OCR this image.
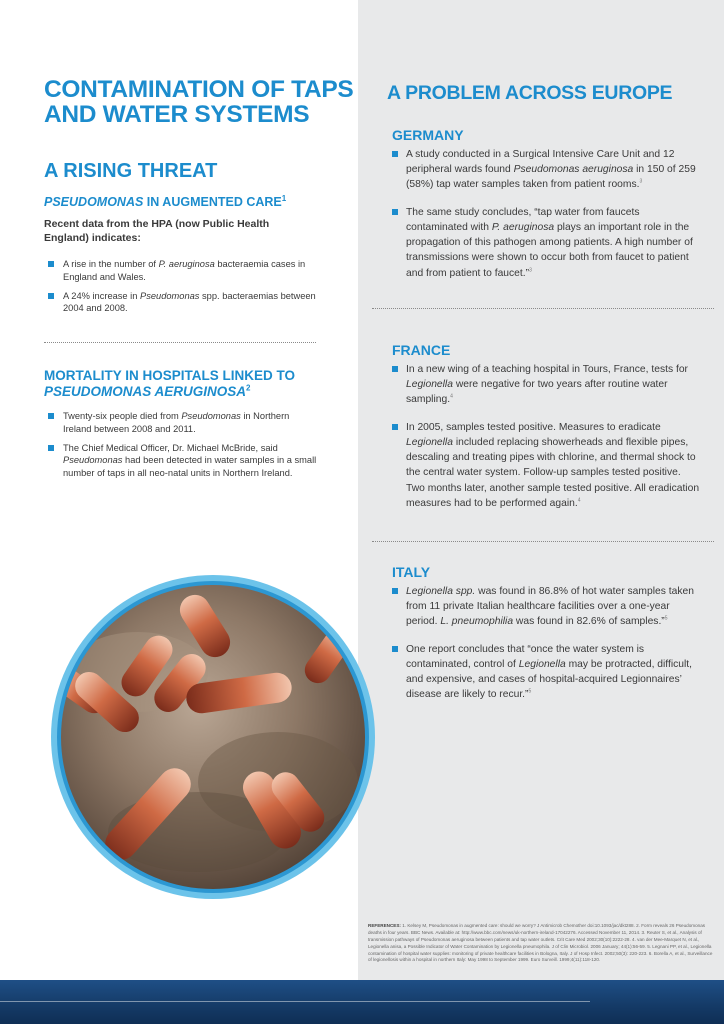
CONTAMINATION OF TAPS
AND WATER SYSTEMS
A RISING THREAT
PSEUDOMONAS IN AUGMENTED CARE$^1$

Recent data from the HPA (now Public Health England) indicates:

A rise in the number of P. aeruginosa bacteraemia cases in England and Wales.
A 24% increase in Pseudomonas spp. bacteraemias between 2004 and 2008.
MORTALITY IN HOSPITALS LINKED TO
PSEUDOMONAS AERUGINOSA$^2$
Twenty-six people died from Pseudomonas in Northern Ireland between 2008 and 2011.
The Chief Medical Officer, Dr. Michael McBride, said Pseudomonas had been detected in water samples in a small number of taps in all neo-natal units in Northern Ireland.
A PROBLEM ACROSS EUROPE
GERMANY
A study conducted in a Surgical Intensive Care Unit and 12 peripheral wards found Pseudomonas aeruginosa in 150 of 259 (58%) tap water samples taken from patient rooms.$^3$
The same study concludes, “tap water from faucets contaminated with P. aeruginosa plays an important role in the propagation of this pathogen among patients. A high number of transmissions were shown to occur both from faucet to patient and from patient to faucet.”$^3$
FRANCE
In a new wing of a teaching hospital in Tours, France, tests for Legionella were negative for two years after routine water sampling.$^4$
In 2005, samples tested positive. Measures to eradicate Legionella included replacing showerheads and flexible pipes, descaling and treating pipes with chlorine, and thermal shock to the central water system. Follow-up samples tested positive. Two months later, another sample tested positive. All eradication measures had to be performed again.$^4$
ITALY
Legionella spp. was found in 86.8% of hot water samples taken from 11 private Italian healthcare facilities over a one-year period. L. pneumophilia was found in 82.6% of samples.”$^5$
One report concludes that “once the water system is contaminated, control of Legionella may be protracted, difficult, and expensive, and cases of hospital-acquired Legionnaires’ disease are likely to recur.”$^5$

REFERENCES: 1. Kelsey M, Pseudomonas in augmented care: should we worry? J Antimicrob Chemother doi:10.1093/jac/dkt288. 2. Form reveals 26 Pseudomonas deaths in four years. BBC News. Available at: http://www.bbc.com/news/uk-northern-ireland-17042276. Accessed November 11, 2014. 3. Reuter S, et al., Analysis of transmission pathways of Pseudomonas aeruginosa between patients and tap water outlets. Crit Care Med 2002;30(10):2222-28. 4. van der Mee-Marquet N, et al., Legionella anisa, a Possible Indicator of Water Contamination by Legionella pneumophila. J of Clin Microbiol. 2006 January; 44(1):56-59. 5. Legnani PP, et al., Legionella contamination of hospital water supplies: monitoring of private healthcare facilities in Bologna, Italy. J of Hosp Infect. 2002;50(3): 220-223. 6. Borella A, et al., Surveillance of legionellosis within a hospital in northern Italy: May 1998 to September 1999. Euro Surveill. 1999;4(11):118-120.
